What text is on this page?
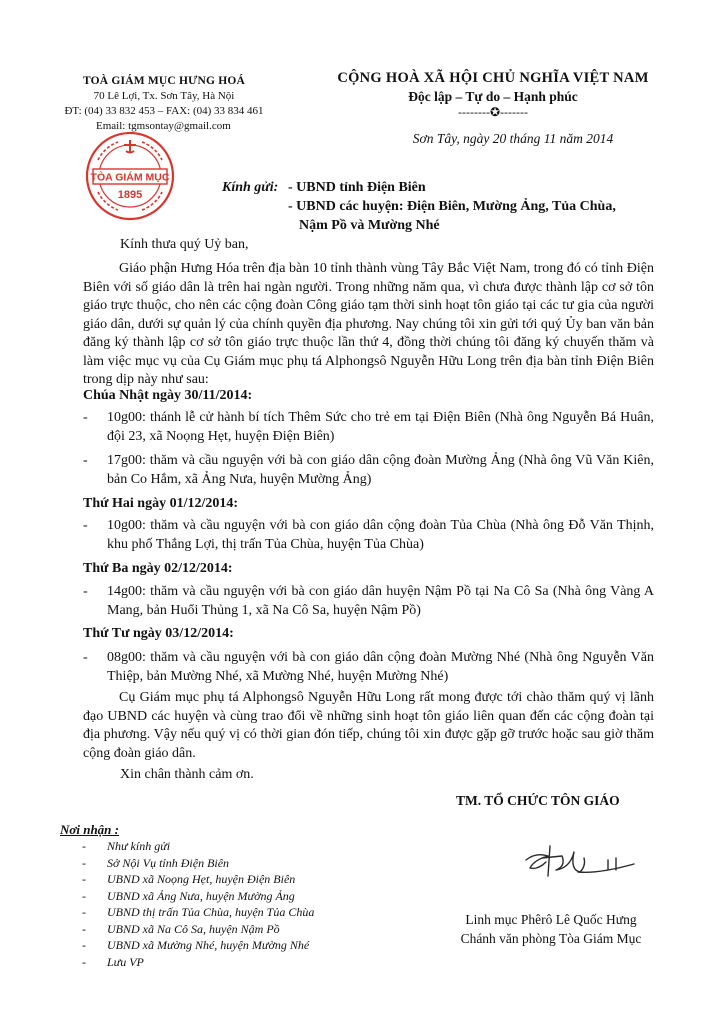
TOÀ GIÁM MỤC HƯNG HOÁ
70 Lê Lợi, Tx. Sơn Tây, Hà Nội
ĐT: (04) 33 832 453 – FAX: (04) 33 834 461
Email: tgmsontay@gmail.com
CỘNG HOÀ XÃ HỘI CHỦ NGHĨA VIỆT NAM
Độc lập – Tự do – Hạnh phúc
--------✪-------
Sơn Tây, ngày 20 tháng 11 năm 2014
TÒA GIÁM MỤC
1895	Kính gửi: - UBND tỉnh Điện Biên
- UBND các huyện: Điện Biên, Mường Ảng, Tủa Chùa,
Nậm Pồ và Mường Nhé
Kính thưa quý Uỷ ban,
Giáo phận Hưng Hóa trên địa bàn 10 tỉnh thành vùng Tây Bắc Việt Nam, trong đó có tỉnh Điện Biên với số giáo dân là trên hai ngàn người. Trong những năm qua, vì chưa được thành lập cơ sở tôn giáo trực thuộc, cho nên các cộng đoàn Công giáo tạm thời sinh hoạt tôn giáo tại các tư gia của người giáo dân, dưới sự quản lý của chính quyền địa phương. Nay chúng tôi xin gửi tới quý Ủy ban văn bản đăng ký thành lập cơ sở tôn giáo trực thuộc lần thứ 4, đồng thời chúng tôi đăng ký chuyến thăm và làm việc mục vụ của Cụ Giám mục phụ tá Alphongsô Nguyễn Hữu Long trên địa bàn tỉnh Điện Biên trong dịp này như sau:
Chúa Nhật ngày 30/11/2014:
-	10g00: thánh lễ cử hành bí tích Thêm Sức cho trẻ em tại Điện Biên (Nhà ông Nguyễn Bá Huân, đội 23, xã Noọng Hẹt, huyện Điện Biên)
-	17g00: thăm và cầu nguyện với bà con giáo dân cộng đoàn Mường Ảng (Nhà ông Vũ Văn Kiên, bản Co Hắm, xã Ảng Nưa, huyện Mường Ảng)
Thứ Hai ngày 01/12/2014:
-	10g00: thăm và cầu nguyện với bà con giáo dân cộng đoàn Tủa Chùa (Nhà ông Đỗ Văn Thịnh, khu phố Thắng Lợi, thị trấn Tủa Chùa, huyện Tủa Chùa)
Thứ Ba ngày 02/12/2014:
-	14g00: thăm và cầu nguyện với bà con giáo dân huyện Nậm Pồ tại Na Cô Sa (Nhà ông Vàng A Mang, bản Huổi Thủng 1, xã Na Cô Sa, huyện Nậm Pồ)
Thứ Tư ngày 03/12/2014:
-	08g00: thăm và cầu nguyện với bà con giáo dân cộng đoàn Mường Nhé (Nhà ông Nguyễn Văn Thiệp, bản Mường Nhé, xã Mường Nhé, huyện Mường Nhé)
Cụ Giám mục phụ tá Alphongsô Nguyễn Hữu Long rất mong được tới chào thăm quý vị lãnh đạo UBND các huyện và cùng trao đổi về những sinh hoạt tôn giáo liên quan đến các cộng đoàn tại địa phương. Vậy nếu quý vị có thời gian đón tiếp, chúng tôi xin được gặp gỡ trước hoặc sau giờ thăm cộng đoàn giáo dân.
Xin chân thành cảm ơn.
TM. TỔ CHỨC TÔN GIÁO
Linh mục Phêrô Lê Quốc Hưng
Chánh văn phòng Tòa Giám Mục
Nơi nhận :
-	Như kính gửi
-	Sở Nội Vụ tỉnh Điện Biên
-	UBND xã Noọng Hẹt, huyện Điện Biên
-	UBND xã Ảng Nưa, huyện Mường Ảng
-	UBND thị trấn Tủa Chùa, huyện Tủa Chùa
-	UBND xã Na Cô Sa, huyện Nậm Pồ
-	UBND xã Mường Nhé, huyện Mường Nhé
-	Lưu VP
